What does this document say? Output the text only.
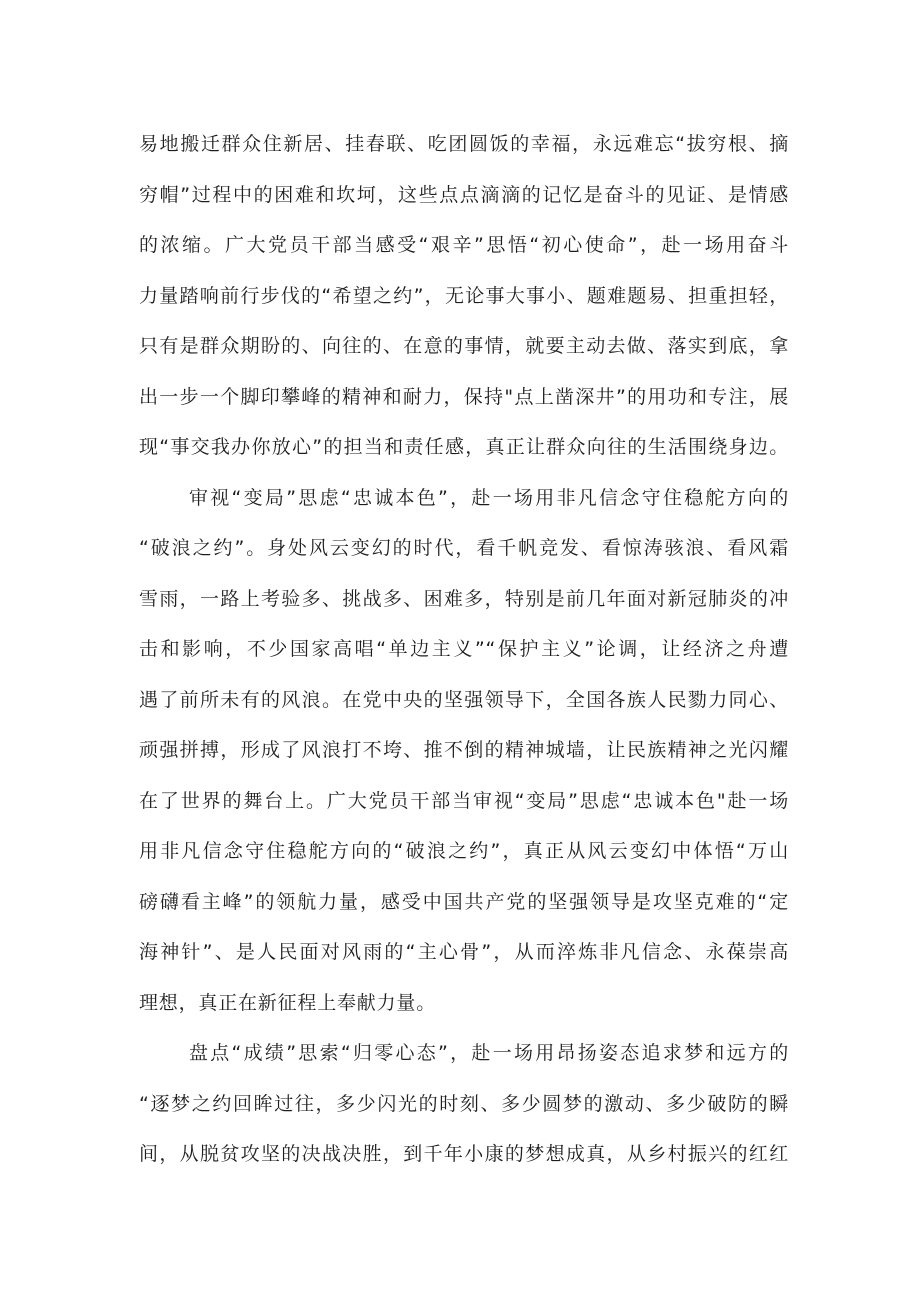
易地搬迁群众住新居、挂春联、吃团圆饭的幸福，永远难忘“拔穷根、摘
穷帽”过程中的困难和坎坷，这些点点滴滴的记忆是奋斗的见证、是情感
的浓缩。广大党员干部当感受“艰辛”思悟“初心使命”，赴一场用奋斗
力量踏响前行步伐的“希望之约”，无论事大事小、题难题易、担重担轻，
只有是群众期盼的、向往的、在意的事情，就要主动去做、落实到底，拿
出一步一个脚印攀峰的精神和耐力，保持"点上凿深井”的用功和专注，展
现“事交我办你放心”的担当和责任感，真正让群众向往的生活围绕身边。
审视“变局”思虑“忠诚本色”，赴一场用非凡信念守住稳舵方向的
“破浪之约”。身处风云变幻的时代，看千帆竞发、看惊涛骇浪、看风霜
雪雨，一路上考验多、挑战多、困难多，特别是前几年面对新冠肺炎的冲
击和影响，不少国家高唱“单边主义”“保护主义”论调，让经济之舟遭
遇了前所未有的风浪。在党中央的坚强领导下，全国各族人民勠力同心、
顽强拼搏，形成了风浪打不垮、推不倒的精神城墙，让民族精神之光闪耀
在了世界的舞台上。广大党员干部当审视“变局”思虑“忠诚本色"赴一场
用非凡信念守住稳舵方向的“破浪之约”，真正从风云变幻中体悟“万山
磅礴看主峰”的领航力量，感受中国共产党的坚强领导是攻坚克难的“定
海神针”、是人民面对风雨的“主心骨”，从而淬炼非凡信念、永葆崇高
理想，真正在新征程上奉献力量。
盘点“成绩”思索“归零心态”，赴一场用昂扬姿态追求梦和远方的
“逐梦之约回眸过往，多少闪光的时刻、多少圆梦的激动、多少破防的瞬
间，从脱贫攻坚的决战决胜，到千年小康的梦想成真，从乡村振兴的红红
